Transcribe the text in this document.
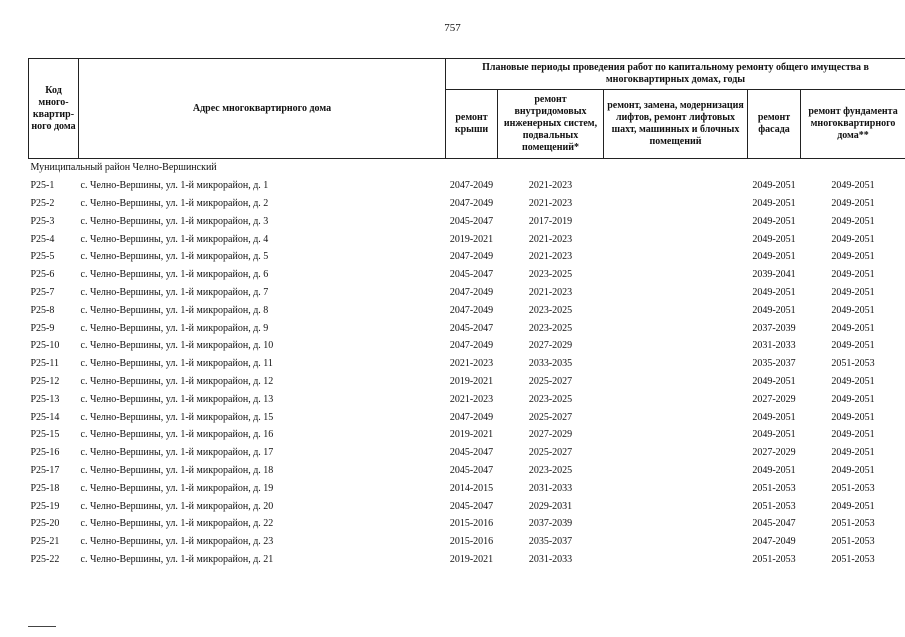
757
Код много-квартир-ного дома	Адрес многоквартирного дома	Плановые периоды проведения работ по капитальному ремонту общего имущества в многоквартирных домах, годы				
		ремонт крыши	ремонт внутридомовых инженерных систем, подвальных помещений*	ремонт, замена, модернизация лифтов, ремонт лифтовых шахт, машинных и блочных помещений	ремонт фасада	ремонт фундамента многоквартирного дома**
Муниципальный район Челно-Вершинский						
Р25-1	с. Челно-Вершины, ул. 1-й микрорайон, д. 1	2047-2049	2021-2023		2049-2051	2049-2051
Р25-2	с. Челно-Вершины, ул. 1-й микрорайон, д. 2	2047-2049	2021-2023		2049-2051	2049-2051
Р25-3	с. Челно-Вершины, ул. 1-й микрорайон, д. 3	2045-2047	2017-2019		2049-2051	2049-2051
Р25-4	с. Челно-Вершины, ул. 1-й микрорайон, д. 4	2019-2021	2021-2023		2049-2051	2049-2051
Р25-5	с. Челно-Вершины, ул. 1-й микрорайон, д. 5	2047-2049	2021-2023		2049-2051	2049-2051
Р25-6	с. Челно-Вершины, ул. 1-й микрорайон, д. 6	2045-2047	2023-2025		2039-2041	2049-2051
Р25-7	с. Челно-Вершины, ул. 1-й микрорайон, д. 7	2047-2049	2021-2023		2049-2051	2049-2051
Р25-8	с. Челно-Вершины, ул. 1-й микрорайон, д. 8	2047-2049	2023-2025		2049-2051	2049-2051
Р25-9	с. Челно-Вершины, ул. 1-й микрорайон, д. 9	2045-2047	2023-2025		2037-2039	2049-2051
Р25-10	с. Челно-Вершины, ул. 1-й микрорайон, д. 10	2047-2049	2027-2029		2031-2033	2049-2051
Р25-11	с. Челно-Вершины, ул. 1-й микрорайон, д. 11	2021-2023	2033-2035		2035-2037	2051-2053
Р25-12	с. Челно-Вершины, ул. 1-й микрорайон, д. 12	2019-2021	2025-2027		2049-2051	2049-2051
Р25-13	с. Челно-Вершины, ул. 1-й микрорайон, д. 13	2021-2023	2023-2025		2027-2029	2049-2051
Р25-14	с. Челно-Вершины, ул. 1-й микрорайон, д. 15	2047-2049	2025-2027		2049-2051	2049-2051
Р25-15	с. Челно-Вершины, ул. 1-й микрорайон, д. 16	2019-2021	2027-2029		2049-2051	2049-2051
Р25-16	с. Челно-Вершины, ул. 1-й микрорайон, д. 17	2045-2047	2025-2027		2027-2029	2049-2051
Р25-17	с. Челно-Вершины, ул. 1-й микрорайон, д. 18	2045-2047	2023-2025		2049-2051	2049-2051
Р25-18	с. Челно-Вершины, ул. 1-й микрорайон, д. 19	2014-2015	2031-2033		2051-2053	2051-2053
Р25-19	с. Челно-Вершины, ул. 1-й микрорайон, д. 20	2045-2047	2029-2031		2051-2053	2049-2051
Р25-20	с. Челно-Вершины, ул. 1-й микрорайон, д. 22	2015-2016	2037-2039		2045-2047	2051-2053
Р25-21	с. Челно-Вершины, ул. 1-й микрорайон, д. 23	2015-2016	2035-2037		2047-2049	2051-2053
Р25-22	с. Челно-Вершины, ул. 1-й микрорайон, д. 21	2019-2021	2031-2033		2051-2053	2051-2053
